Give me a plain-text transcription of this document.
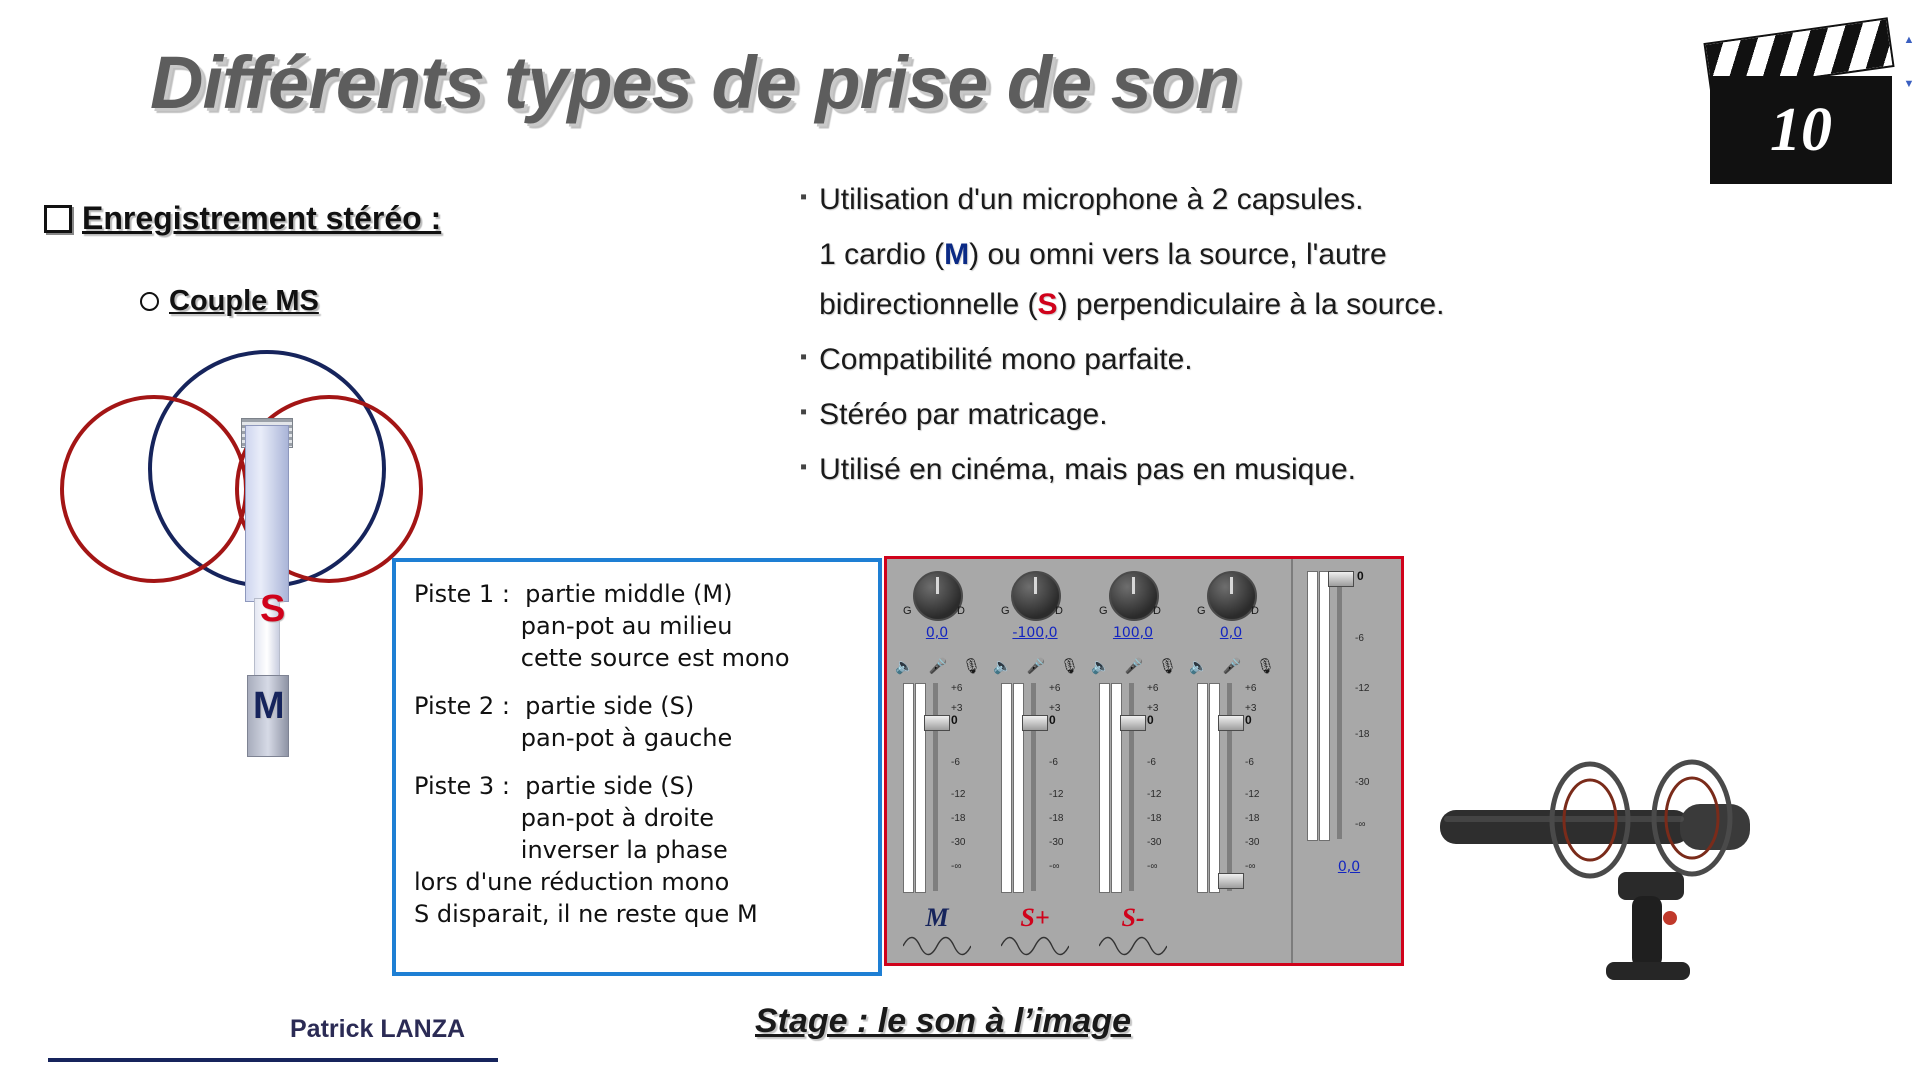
Différents types de prise de son
10
Enregistrement stéréo :
Couple MS
▪ Utilisation d'un microphone à 2 capsules.
1 cardio (M) ou omni vers la source, l'autre
bidirectionnelle (S) perpendiculaire à la source.
▪ Compatibilité mono parfaite.
▪ Stéréo par matricage.
▪ Utilisé en cinéma, mais pas en musique.
S
M
Piste 1 :  partie middle (M)
pan-pot au milieu
cette source est mono
Piste 2 :  partie side (S)
pan-pot à gauche
Piste 3 :  partie side (S)
pan-pot à droite
inverser la phase
lors d'une réduction mono
S disparait, il ne reste que M
G	D
0,0
🔈 🎤 🎙
0
+6
+3
-6
-12
-18
-30
-∞
M
G	D
-100,0
🔈 🎤 🎙
0
+6
+3
-6
-12
-18
-30
-∞
S+
G	D
100,0
🔈 🎤 🎙
0
+6
+3
-6
-12
-18
-30
-∞
S-
G	D
0,0
🔈 🎤 🎙
0
+6
+3
-6
-12
-18
-30
-∞
0
-6
-12
-18
-30
-∞
0,0
Patrick LANZA	Stage : le son à l’image
▲
▼
